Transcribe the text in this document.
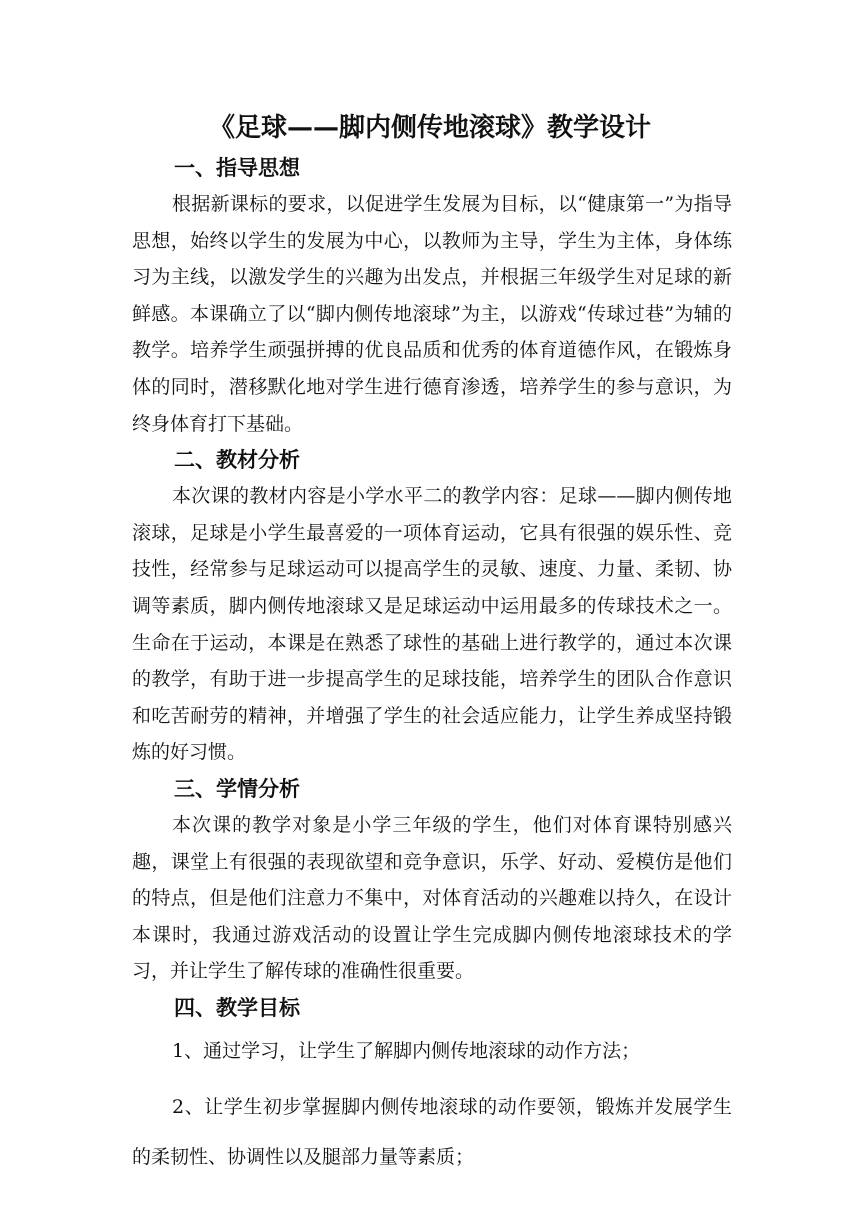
《足球——脚内侧传地滚球》教学设计
一、指导思想

根据新课标的要求，以促进学生发展为目标，以“健康第一”为指导思想，始终以学生的发展为中心，以教师为主导，学生为主体，身体练习为主线，以激发学生的兴趣为出发点，并根据三年级学生对足球的新鲜感。本课确立了以“脚内侧传地滚球”为主，以游戏“传球过巷”为辅的教学。培养学生顽强拼搏的优良品质和优秀的体育道德作风，在锻炼身体的同时，潜移默化地对学生进行德育渗透，培养学生的参与意识，为终身体育打下基础。

二、教材分析

本次课的教材内容是小学水平二的教学内容：足球——脚内侧传地滚球，足球是小学生最喜爱的一项体育运动，它具有很强的娱乐性、竞技性，经常参与足球运动可以提高学生的灵敏、速度、力量、柔韧、协调等素质，脚内侧传地滚球又是足球运动中运用最多的传球技术之一。生命在于运动，本课是在熟悉了球性的基础上进行教学的，通过本次课的教学，有助于进一步提高学生的足球技能，培养学生的团队合作意识和吃苦耐劳的精神，并增强了学生的社会适应能力，让学生养成坚持锻炼的好习惯。

三、学情分析

本次课的教学对象是小学三年级的学生，他们对体育课特别感兴趣，课堂上有很强的表现欲望和竞争意识，乐学、好动、爱模仿是他们的特点，但是他们注意力不集中，对体育活动的兴趣难以持久，在设计本课时，我通过游戏活动的设置让学生完成脚内侧传地滚球技术的学习，并让学生了解传球的准确性很重要。

四、教学目标

1、通过学习，让学生了解脚内侧传地滚球的动作方法；

2、让学生初步掌握脚内侧传地滚球的动作要领，锻炼并发展学生的柔韧性、协调性以及腿部力量等素质；
